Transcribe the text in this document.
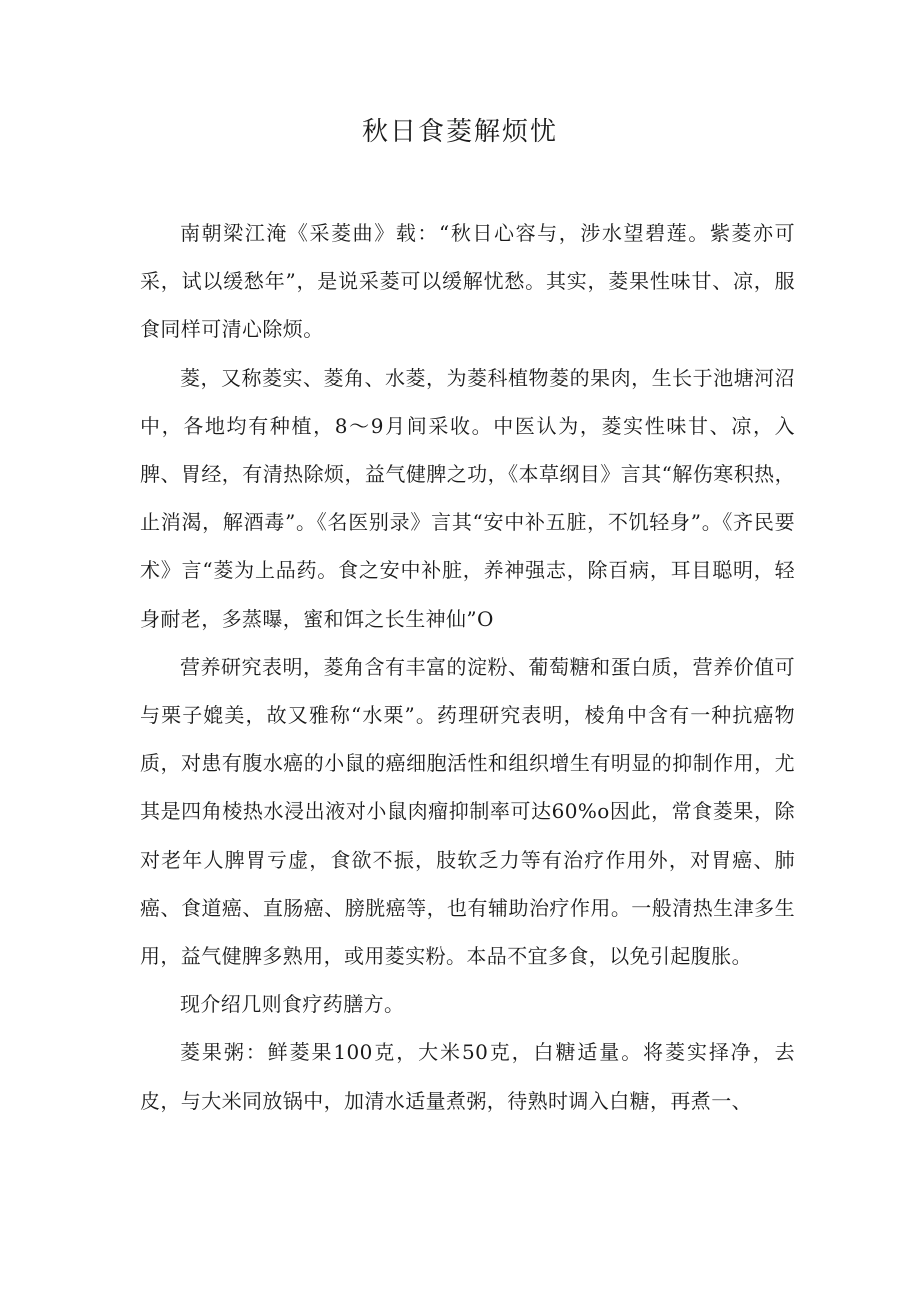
秋日食菱解烦忧

南朝梁江淹《采菱曲》载：“秋日心容与，涉水望碧莲。紫菱亦可采，试以缓愁年”，是说采菱可以缓解忧愁。其实，菱果性味甘、凉，服食同样可清心除烦。

菱，又称菱实、菱角、水菱，为菱科植物菱的果肉，生长于池塘河沼中，各地均有种植，8〜9月间采收。中医认为，菱实性味甘、凉，入脾、胃经，有清热除烦，益气健脾之功，《本草纲目》言其“解伤寒积热，止消渴，解酒毒”。《名医别录》言其“安中补五脏，不饥轻身”。《齐民要术》言“菱为上品药。食之安中补脏，养神强志，除百病，耳目聪明，轻身耐老，多蒸曝，蜜和饵之长生神仙”O

营养研究表明，菱角含有丰富的淀粉、葡萄糖和蛋白质，营养价值可与栗子媲美，故又雅称“水栗”。药理研究表明，棱角中含有一种抗癌物质，对患有腹水癌的小鼠的癌细胞活性和组织增生有明显的抑制作用，尤其是四角棱热水浸出液对小鼠肉瘤抑制率可达60%o因此，常食菱果，除对老年人脾胃亏虚，食欲不振，肢软乏力等有治疗作用外，对胃癌、肺癌、食道癌、直肠癌、膀胱癌等，也有辅助治疗作用。一般清热生津多生用，益气健脾多熟用，或用菱实粉。本品不宜多食，以免引起腹胀。

现介绍几则食疗药膳方。

菱果粥：鲜菱果100克，大米50克，白糖适量。将菱实择净，去皮，与大米同放锅中，加清水适量煮粥，待熟时调入白糖，再煮一、
